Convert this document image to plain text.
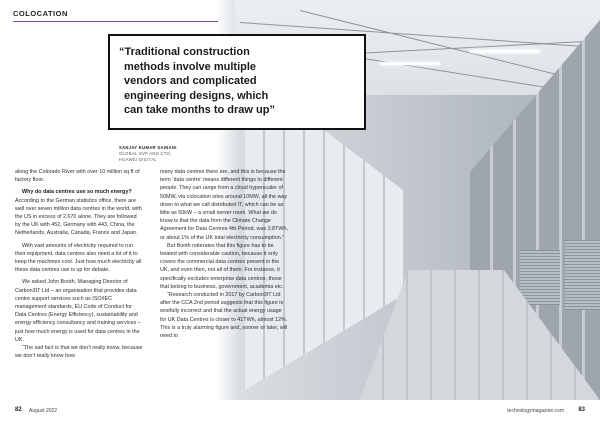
COLOCATION
“Traditional construction
methods involve multiple
vendors and complicated
engineering designs, which
can take months to draw up”
SANJAY KUMAR SAINANI
GLOBAL SVP AND CTO,
HUAWEI DIGITAL

along the Colorado River with over 10 million sq ft of factory floor.

Why do data centres use so much energy?

According to the German statistics office, there are well over seven million data centres in the world, with the US in excess of 2,670 alone. They are followed by the UK with 452, Germany with 443, China, the Netherlands, Australia, Canada, France and Japan.

With vast amounts of electricity required to run their equipment, data centres also need a lot of it to keep the machines cool. Just how much electricity all these data centres use is up for debate.

We asked John Booth, Managing Director of Carbon3IT Ltd – an organisation that provides data centre support services such as ISO/IEC management standards, EU Code of Conduct for Data Centres (Energy Efficiency), sustainability and energy efficiency consultancy and training services – just how much energy is used for data centres in the UK.

“The sad fact is that we don’t really know, because we don’t really know how

many data centres there are, and this is because the term ‘data centre’ means different things to different people. They can range from a cloud hyperscaler of 50MW, via colocation sites around 10MW, all the way down to what we call distributed IT, which can be as little as 50kW – a small server room. What we do know is that the data from the Climate Change Agreement for Data Centres 4th Period, was 3.8TWh, or about 1% of the UK total electricity consumption.”

But Booth reiterates that this figure has to be treated with considerable caution, because it only covers the commercial data centres present in the UK, and even then, not all of them. For instance, it specifically excludes enterprise data centres, those that belong to business, government, academia etc.

“Research conducted in 2017 by Carbon3IT Ltd after the CCA 2nd period suggests that this figure is woefully incorrect and that the actual energy usage for UK Data Centres is closer to 41TWh, almost 12%. This is a truly alarming figure and, sooner or later, will need to

82 August 2022	technologymagazine.com 83
